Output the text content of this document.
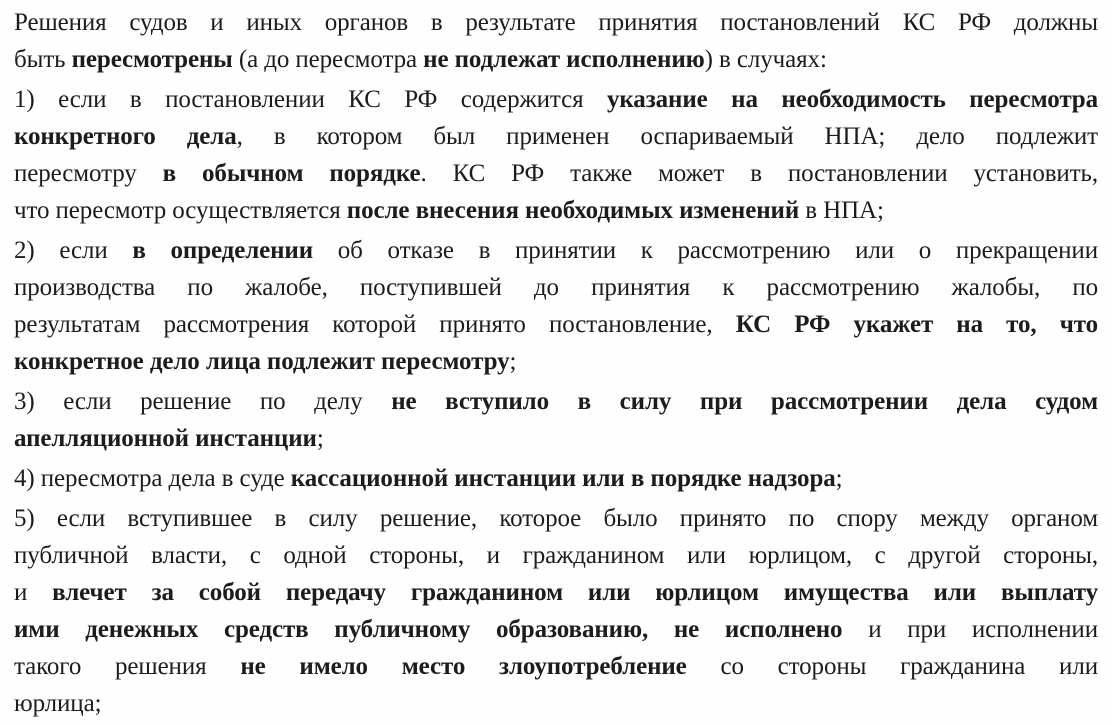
Решения судов и иных органов в результате принятия постановлений КС РФ должны
быть пересмотрены (а до пересмотра не подлежат исполнению) в случаях:
1) если в постановлении КС РФ содержится указание на необходимость пересмотра
конкретного дела, в котором был применен оспариваемый НПА; дело подлежит
пересмотру в обычном порядке. КС РФ также может в постановлении установить,
что пересмотр осуществляется после внесения необходимых изменений в НПА;
2) если в определении об отказе в принятии к рассмотрению или о прекращении
производства по жалобе, поступившей до принятия к рассмотрению жалобы, по
результатам рассмотрения которой принято постановление, КС РФ укажет на то, что
конкретное дело лица подлежит пересмотру;
3) если решение по делу не вступило в силу при рассмотрении дела судом
апелляционной инстанции;
4) пересмотра дела в суде кассационной инстанции или в порядке надзора;
5) если вступившее в силу решение, которое было принято по спору между органом
публичной власти, с одной стороны, и гражданином или юрлицом, с другой стороны,
и влечет за собой передачу гражданином или юрлицом имущества или выплату
ими денежных средств публичному образованию, не исполнено и при исполнении
такого решения не имело место злоупотребление со стороны гражданина или
юрлица;
